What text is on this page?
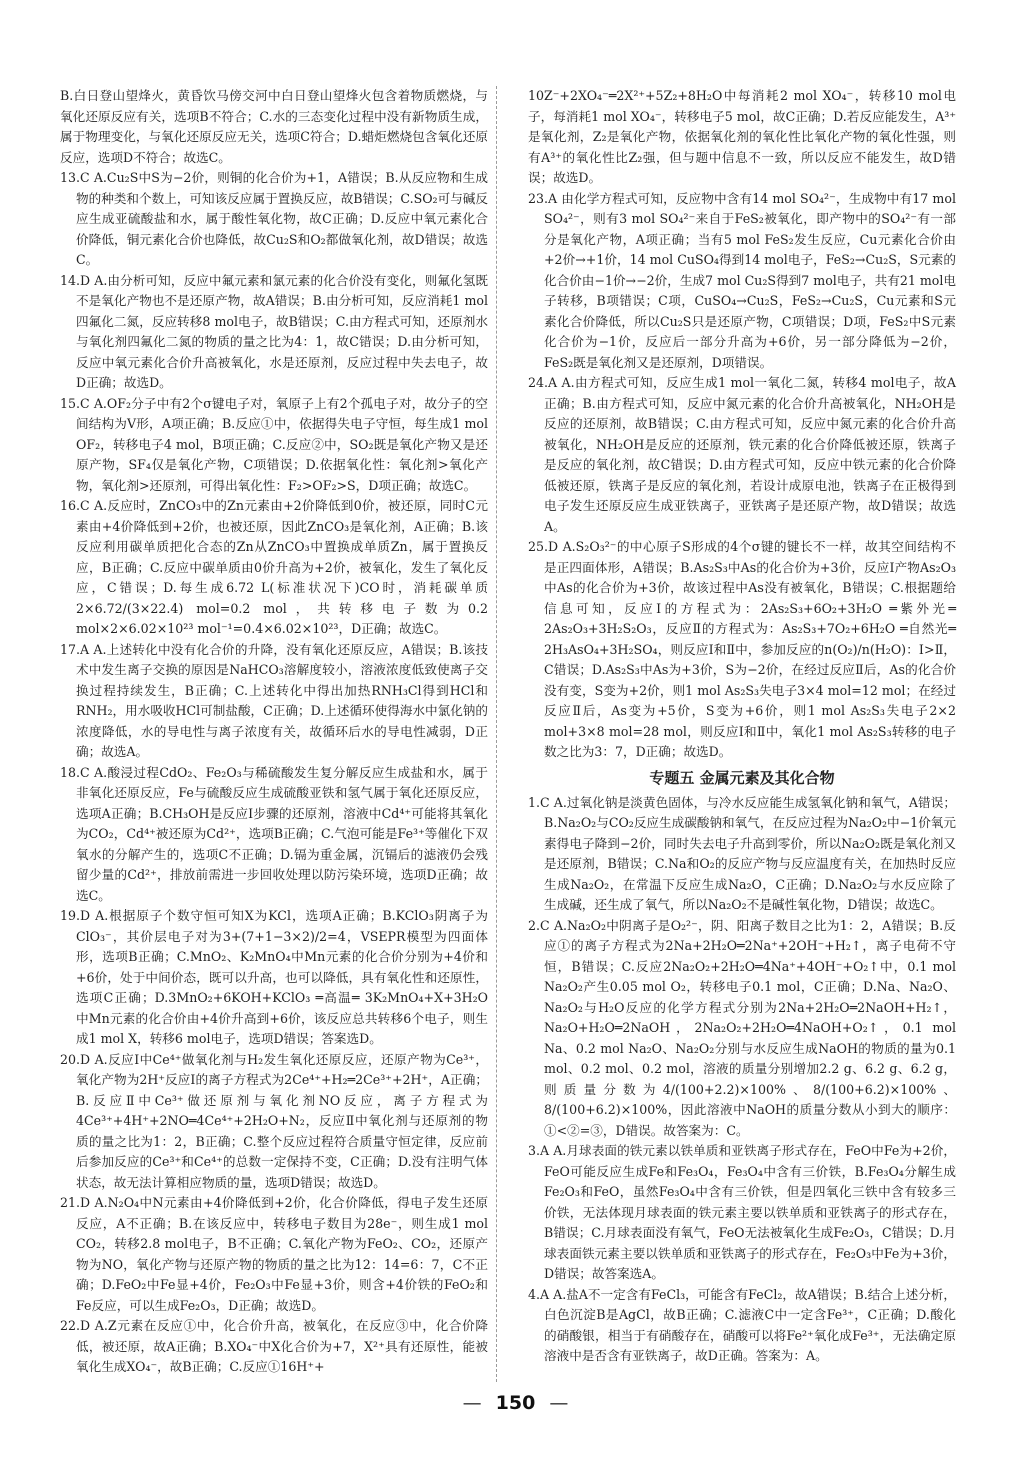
B.白日登山望烽火，黄昏饮马傍交河中白日登山望烽火包含着物质燃烧，与氧化还原反应有关，选项B不符合；C.水的三态变化过程中没有新物质生成，属于物理变化，与氧化还原反应无关，选项C符合；D.蜡炬燃烧包含氧化还原反应，选项D不符合；故选C。

13.C A.Cu₂S中S为−2价，则铜的化合价为+1，A错误；B.从反应物和生成物的种类和个数上，可知该反应属于置换反应，故B错误；C.SO₂可与碱反应生成亚硫酸盐和水，属于酸性氧化物，故C正确；D.反应中氧元素化合价降低，铜元素化合价也降低，故Cu₂S和O₂都做氧化剂，故D错误；故选C。

14.D A.由分析可知，反应中氟元素和氯元素的化合价没有变化，则氟化氢既不是氧化产物也不是还原产物，故A错误；B.由分析可知，反应消耗1 mol四氟化二氮，反应转移8 mol电子，故B错误；C.由方程式可知，还原剂水与氧化剂四氟化二氮的物质的量之比为4：1，故C错误；D.由分析可知，反应中氧元素化合价升高被氧化，水是还原剂，反应过程中失去电子，故D正确；故选D。

15.C A.OF₂分子中有2个σ键电子对，氧原子上有2个孤电子对，故分子的空间结构为V形，A项正确；B.反应①中，依据得失电子守恒，每生成1 mol OF₂，转移电子4 mol，B项正确；C.反应②中，SO₂既是氧化产物又是还原产物，SF₄仅是氧化产物，C项错误；D.依据氧化性：氧化剂>氧化产物，氧化剂>还原剂，可得出氧化性：F₂>OF₂>S，D项正确；故选C。

16.C A.反应时，ZnCO₃中的Zn元素由+2价降低到0价，被还原，同时C元素由+4价降低到+2价，也被还原，因此ZnCO₃是氧化剂，A正确；B.该反应利用碳单质把化合态的Zn从ZnCO₃中置换成单质Zn，属于置换反应，B正确；C.反应中碳单质由0价升高为+2价，被氧化，发生了氧化反应，C错误；D.每生成6.72 L(标准状况下)CO时，消耗碳单质2×6.72/(3×22.4) mol=0.2 mol，共转移电子数为0.2 mol×2×6.02×10²³ mol⁻¹=0.4×6.02×10²³，D正确；故选C。

17.A A.上述转化中没有化合价的升降，没有氧化还原反应，A错误；B.该技术中发生离子交换的原因是NaHCO₃溶解度较小，溶液浓度低致使离子交换过程持续发生，B正确；C.上述转化中得出加热RNH₃Cl得到HCl和RNH₂，用水吸收HCl可制盐酸，C正确；D.上述循环使得海水中氯化钠的浓度降低，水的导电性与离子浓度有关，故循环后水的导电性减弱，D正确；故选A。

18.C A.酸浸过程CdO₂、Fe₂O₃与稀硫酸发生复分解反应生成盐和水，属于非氧化还原反应，Fe与硫酸反应生成硫酸亚铁和氢气属于氧化还原反应，选项A正确；B.CH₃OH是反应Ⅰ步骤的还原剂，溶液中Cd⁴⁺可能将其氧化为CO₂，Cd⁴⁺被还原为Cd²⁺，选项B正确；C.气泡可能是Fe³⁺等催化下双氧水的分解产生的，选项C不正确；D.镉为重金属，沉镉后的滤液仍会残留少量的Cd²⁺，排放前需进一步回收处理以防污染环境，选项D正确；故选C。

19.D A.根据原子个数守恒可知X为KCl，选项A正确；B.KClO₃阴离子为ClO₃⁻，其价层电子对为3+(7+1−3×2)/2=4，VSEPR模型为四面体形，选项B正确；C.MnO₂、K₂MnO₄中Mn元素的化合价分别为+4价和+6价，处于中间价态，既可以升高，也可以降低，具有氧化性和还原性，选项C正确；D.3MnO₂+6KOH+KClO₃ ═高温═ 3K₂MnO₄+X+3H₂O中Mn元素的化合价由+4价升高到+6价，该反应总共转移6个电子，则生成1 mol X，转移6 mol电子，选项D错误；答案选D。

20.D A.反应Ⅰ中Ce⁴⁺做氧化剂与H₂发生氧化还原反应，还原产物为Ce³⁺，氧化产物为2H⁺反应Ⅰ的离子方程式为2Ce⁴⁺+H₂═2Ce³⁺+2H⁺，A正确；B.反应Ⅱ中Ce³⁺做还原剂与氧化剂NO反应，离子方程式为4Ce³⁺+4H⁺+2NO═4Ce⁴⁺+2H₂O+N₂，反应Ⅱ中氧化剂与还原剂的物质的量之比为1：2，B正确；C.整个反应过程符合质量守恒定律，反应前后参加反应的Ce³⁺和Ce⁴⁺的总数一定保持不变，C正确；D.没有注明气体状态，故无法计算相应物质的量，选项D错误；故选D。

21.D A.N₂O₄中N元素由+4价降低到+2价，化合价降低，得电子发生还原反应，A不正确；B.在该反应中，转移电子数目为28e⁻，则生成1 mol CO₂，转移2.8 mol电子，B不正确；C.氧化产物为FeO₂、CO₂，还原产物为NO，氧化产物与还原产物的物质的量之比为12：14=6：7，C不正确；D.FeO₂中Fe显+4价，Fe₂O₃中Fe显+3价，则含+4价铁的FeO₂和Fe反应，可以生成Fe₂O₃，D正确；故选D。

22.D A.Z元素在反应①中，化合价升高，被氧化，在反应③中，化合价降低，被还原，故A正确；B.XO₄⁻中X化合价为+7，X²⁺具有还原性，能被氧化生成XO₄⁻，故B正确；C.反应①16H⁺+

10Z⁻+2XO₄⁻═2X²⁺+5Z₂+8H₂O中每消耗2 mol XO₄⁻，转移10 mol电子，每消耗1 mol XO₄⁻，转移电子5 mol，故C正确；D.若反应能发生，A³⁺是氧化剂，Z₂是氧化产物，依据氧化剂的氧化性比氧化产物的氧化性强，则有A³⁺的氧化性比Z₂强，但与题中信息不一致，所以反应不能发生，故D错误；故选D。

23.A 由化学方程式可知，反应物中含有14 mol SO₄²⁻，生成物中有17 mol SO₄²⁻，则有3 mol SO₄²⁻来自于FeS₂被氧化，即产物中的SO₄²⁻有一部分是氧化产物，A项正确；当有5 mol FeS₂发生反应，Cu元素化合价由+2价→+1价，14 mol CuSO₄得到14 mol电子，FeS₂→Cu₂S，S元素的化合价由−1价→−2价，生成7 mol Cu₂S得到7 mol电子，共有21 mol电子转移，B项错误；C项，CuSO₄→Cu₂S，FeS₂→Cu₂S，Cu元素和S元素化合价降低，所以Cu₂S只是还原产物，C项错误；D项，FeS₂中S元素化合价为−1价，反应后一部分升高为+6价，另一部分降低为−2价，FeS₂既是氧化剂又是还原剂，D项错误。

24.A A.由方程式可知，反应生成1 mol一氧化二氮，转移4 mol电子，故A正确；B.由方程式可知，反应中氮元素的化合价升高被氧化，NH₂OH是反应的还原剂，故B错误；C.由方程式可知，反应中氮元素的化合价升高被氧化，NH₂OH是反应的还原剂，铁元素的化合价降低被还原，铁离子是反应的氧化剂，故C错误；D.由方程式可知，反应中铁元素的化合价降低被还原，铁离子是反应的氧化剂，若设计成原电池，铁离子在正极得到电子发生还原反应生成亚铁离子，亚铁离子是还原产物，故D错误；故选A。

25.D A.S₂O₃²⁻的中心原子S形成的4个σ键的键长不一样，故其空间结构不是正四面体形，A错误；B.As₂S₃中As的化合价为+3价，反应Ⅰ产物As₂O₃中As的化合价为+3价，故该过程中As没有被氧化，B错误；C.根据题给信息可知，反应Ⅰ的方程式为：2As₂S₃+6O₂+3H₂O ═紫外光═ 2As₂O₃+3H₂S₂O₃，反应Ⅱ的方程式为：As₂S₃+7O₂+6H₂O ═自然光═ 2H₃AsO₄+3H₂SO₄，则反应Ⅰ和Ⅱ中，参加反应的n(O₂)/n(H₂O)：Ⅰ>Ⅱ，C错误；D.As₂S₃中As为+3价，S为−2价，在经过反应Ⅱ后，As的化合价没有变，S变为+2价，则1 mol As₂S₃失电子3×4 mol=12 mol；在经过反应Ⅱ后，As变为+5价，S变为+6价，则1 mol As₂S₃失电子2×2 mol+3×8 mol=28 mol，则反应Ⅰ和Ⅱ中，氧化1 mol As₂S₃转移的电子数之比为3：7，D正确；故选D。

专题五 金属元素及其化合物

1.C A.过氧化钠是淡黄色固体，与冷水反应能生成氢氧化钠和氧气，A错误；B.Na₂O₂与CO₂反应生成碳酸钠和氧气，在反应过程为Na₂O₂中−1价氧元素得电子降到−2价，同时失去电子升高到零价，所以Na₂O₂既是氧化剂又是还原剂，B错误；C.Na和O₂的反应产物与反应温度有关，在加热时反应生成Na₂O₂，在常温下反应生成Na₂O，C正确；D.Na₂O₂与水反应除了生成碱，还生成了氧气，所以Na₂O₂不是碱性氧化物，D错误；故选C。

2.C A.Na₂O₂中阴离子是O₂²⁻，阴、阳离子数目之比为1：2，A错误；B.反应①的离子方程式为2Na+2H₂O═2Na⁺+2OH⁻+H₂↑，离子电荷不守恒，B错误；C.反应2Na₂O₂+2H₂O═4Na⁺+4OH⁻+O₂↑中，0.1 mol Na₂O₂产生0.05 mol O₂，转移电子0.1 mol，C正确；D.Na、Na₂O、Na₂O₂与H₂O反应的化学方程式分别为2Na+2H₂O═2NaOH+H₂↑，Na₂O+H₂O═2NaOH，2Na₂O₂+2H₂O═4NaOH+O₂↑，0.1 mol Na、0.2 mol Na₂O、Na₂O₂分别与水反应生成NaOH的物质的量为0.1 mol、0.2 mol、0.2 mol，溶液的质量分别增加2.2 g、6.2 g、6.2 g，则质量分数为4/(100+2.2)×100%、8/(100+6.2)×100%、8/(100+6.2)×100%，因此溶液中NaOH的质量分数从小到大的顺序：①<②=③，D错误。故答案为：C。

3.A A.月球表面的铁元素以铁单质和亚铁离子形式存在，FeO中Fe为+2价，FeO可能反应生成Fe和Fe₃O₄，Fe₃O₄中含有三价铁，B.Fe₃O₄分解生成Fe₂O₃和FeO，虽然Fe₃O₄中含有三价铁，但是四氧化三铁中含有较多三价铁，无法体现月球表面的铁元素主要以铁单质和亚铁离子的形式存在，B错误；C.月球表面没有氧气，FeO无法被氧化生成Fe₂O₃，C错误；D.月球表面铁元素主要以铁单质和亚铁离子的形式存在，Fe₂O₃中Fe为+3价，D错误；故答案选A。

4.A A.盐A不一定含有FeCl₃，可能含有FeCl₂，故A错误；B.结合上述分析，白色沉淀B是AgCl，故B正确；C.滤液C中一定含Fe³⁺，C正确；D.酸化的硝酸银，相当于有硝酸存在，硝酸可以将Fe²⁺氧化成Fe³⁺，无法确定原溶液中是否含有亚铁离子，故D正确。答案为：A。

— 150 —
